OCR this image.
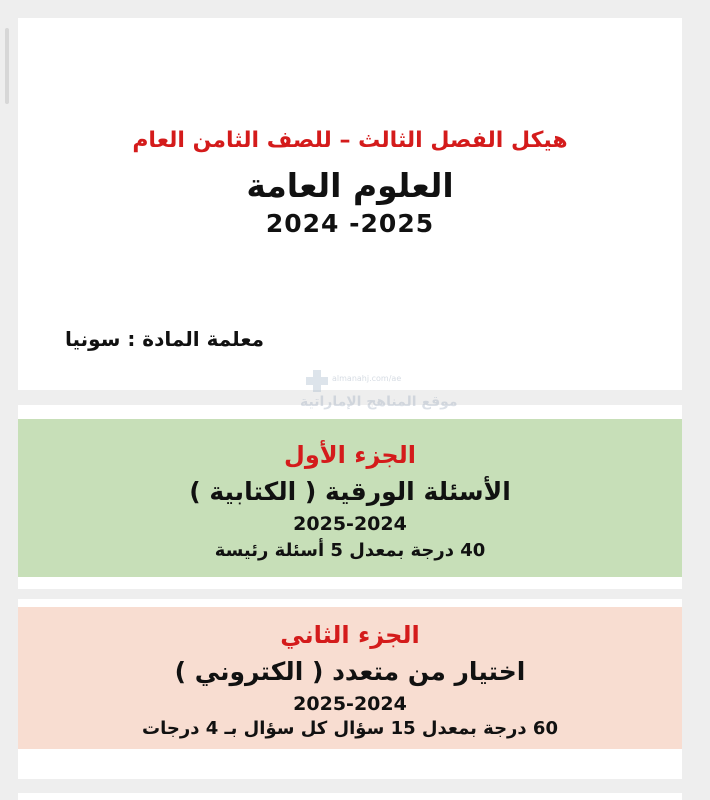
هيكل الفصل الثالث – للصف الثامن العام
العلوم العامة
2024 -2025
معلمة المادة : سونيا
الجزء الأول
الأسئلة الورقية ( الكتابية )
2025-2024
40 درجة بمعدل 5 أسئلة رئيسة
الجزء الثاني
اختيار من متعدد ( الكتروني )
2025-2024
60 درجة بمعدل 15 سؤال كل سؤال بـ 4 درجات
almanahj.com/ae
موقع المناهج الإماراتية
